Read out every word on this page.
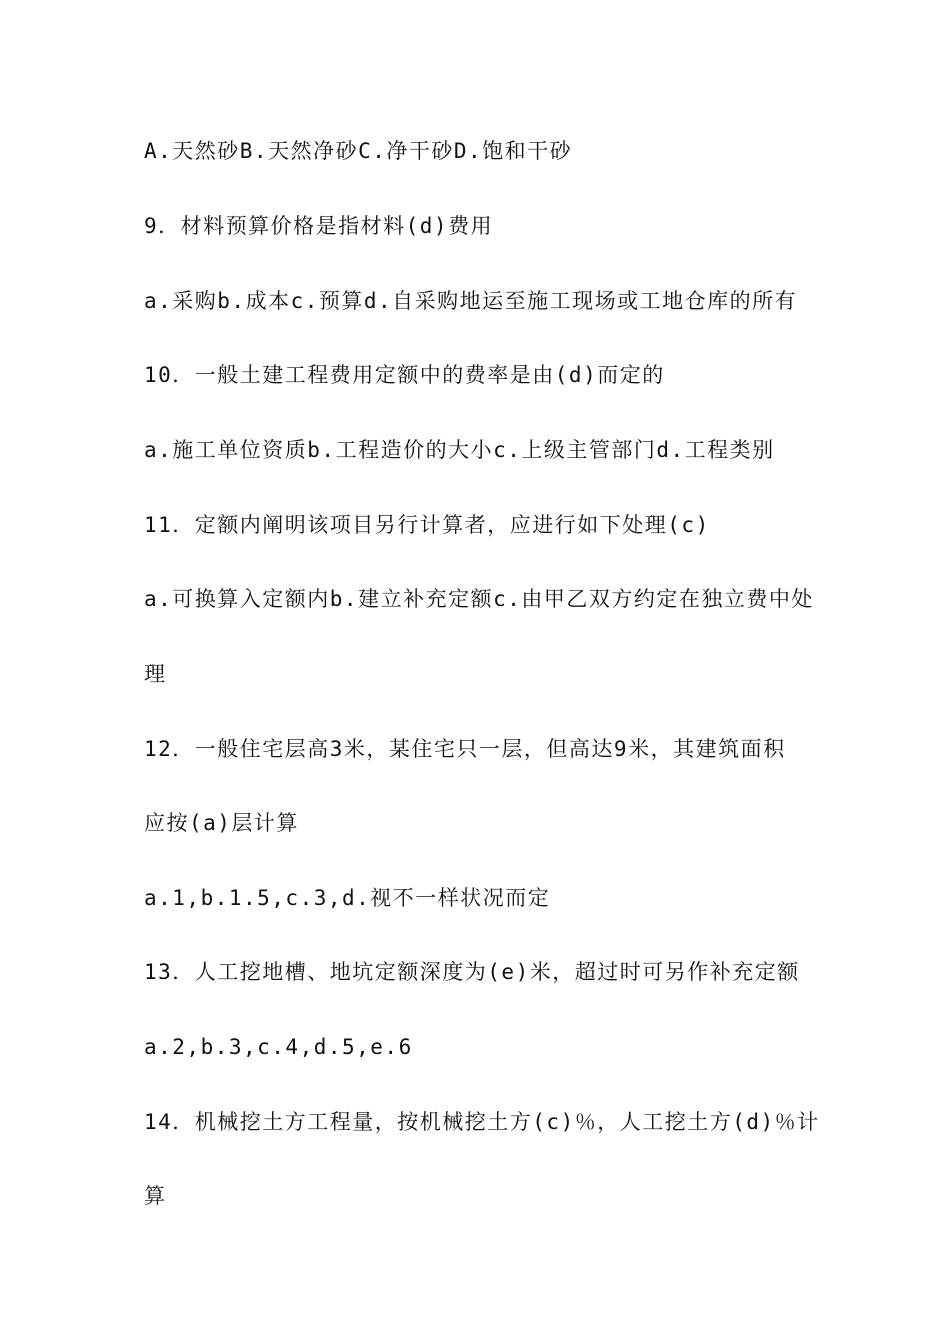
A.天然砂B.天然净砂C.净干砂D.饱和干砂
9．材料预算价格是指材料(d)费用
a.采购b.成本c.预算d.自采购地运至施工现场或工地仓库的所有
10．一般土建工程费用定额中的费率是由(d)而定的
a.施工单位资质b.工程造价的大小c.上级主管部门d.工程类别
11．定额内阐明该项目另行计算者，应进行如下处理(c)
a.可换算入定额内b.建立补充定额c.由甲乙双方约定在独立费中处
理
12．一般住宅层高3米，某住宅只一层，但高达9米，其建筑面积
应按(a)层计算
a.1,b.1.5,c.3,d.视不一样状况而定
13．人工挖地槽、地坑定额深度为(e)米，超过时可另作补充定额
a.2,b.3,c.4,d.5,e.6
14．机械挖土方工程量，按机械挖土方(c)％，人工挖土方(d)％计
算
